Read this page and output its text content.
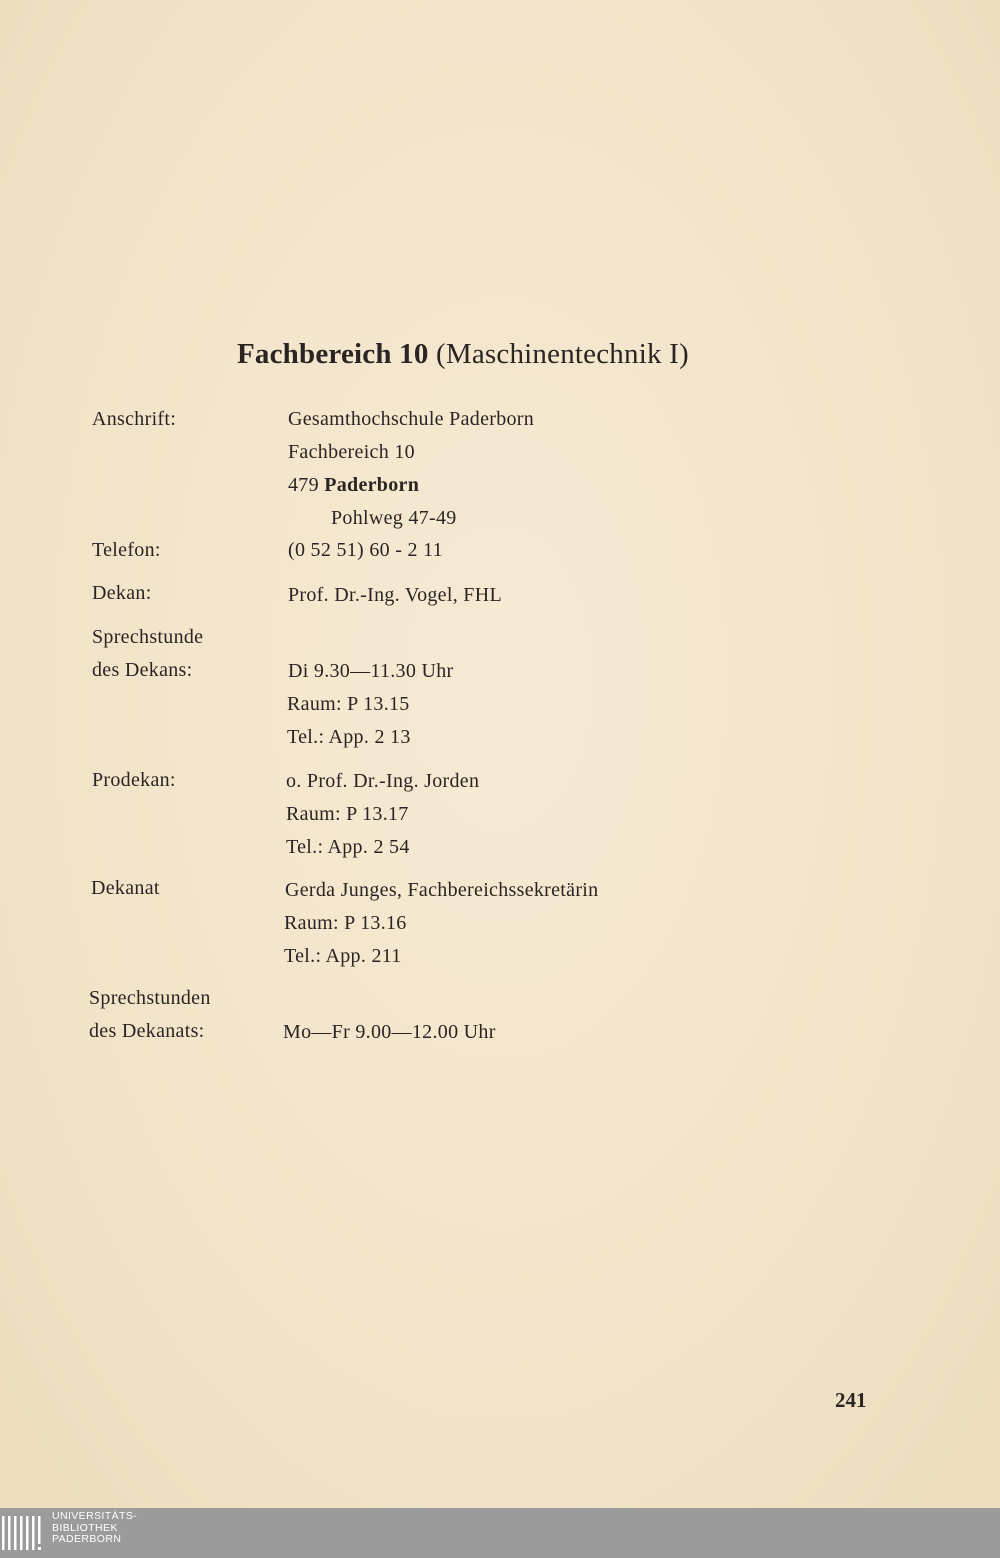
Fachbereich 10 (Maschinentechnik I)
Anschrift:	Gesamthochschule Paderborn
Fachbereich 10
479 Paderborn
Pohlweg 47-49
Telefon:	(0 52 51) 60 - 2 11
Dekan:	Prof. Dr.-Ing. Vogel, FHL
Sprechstunde
des Dekans:	Di 9.30—11.30 Uhr
Raum: P 13.15
Tel.: App. 2 13
Prodekan:	o. Prof. Dr.-Ing. Jorden
Raum: P 13.17
Tel.: App. 2 54
Dekanat	Gerda Junges, Fachbereichssekretärin
Raum: P 13.16
Tel.: App. 211
Sprechstunden
des Dekanats:	Mo—Fr 9.00—12.00 Uhr
241
UNIVERSITÄTS-
BIBLIOTHEK
PADERBORN
